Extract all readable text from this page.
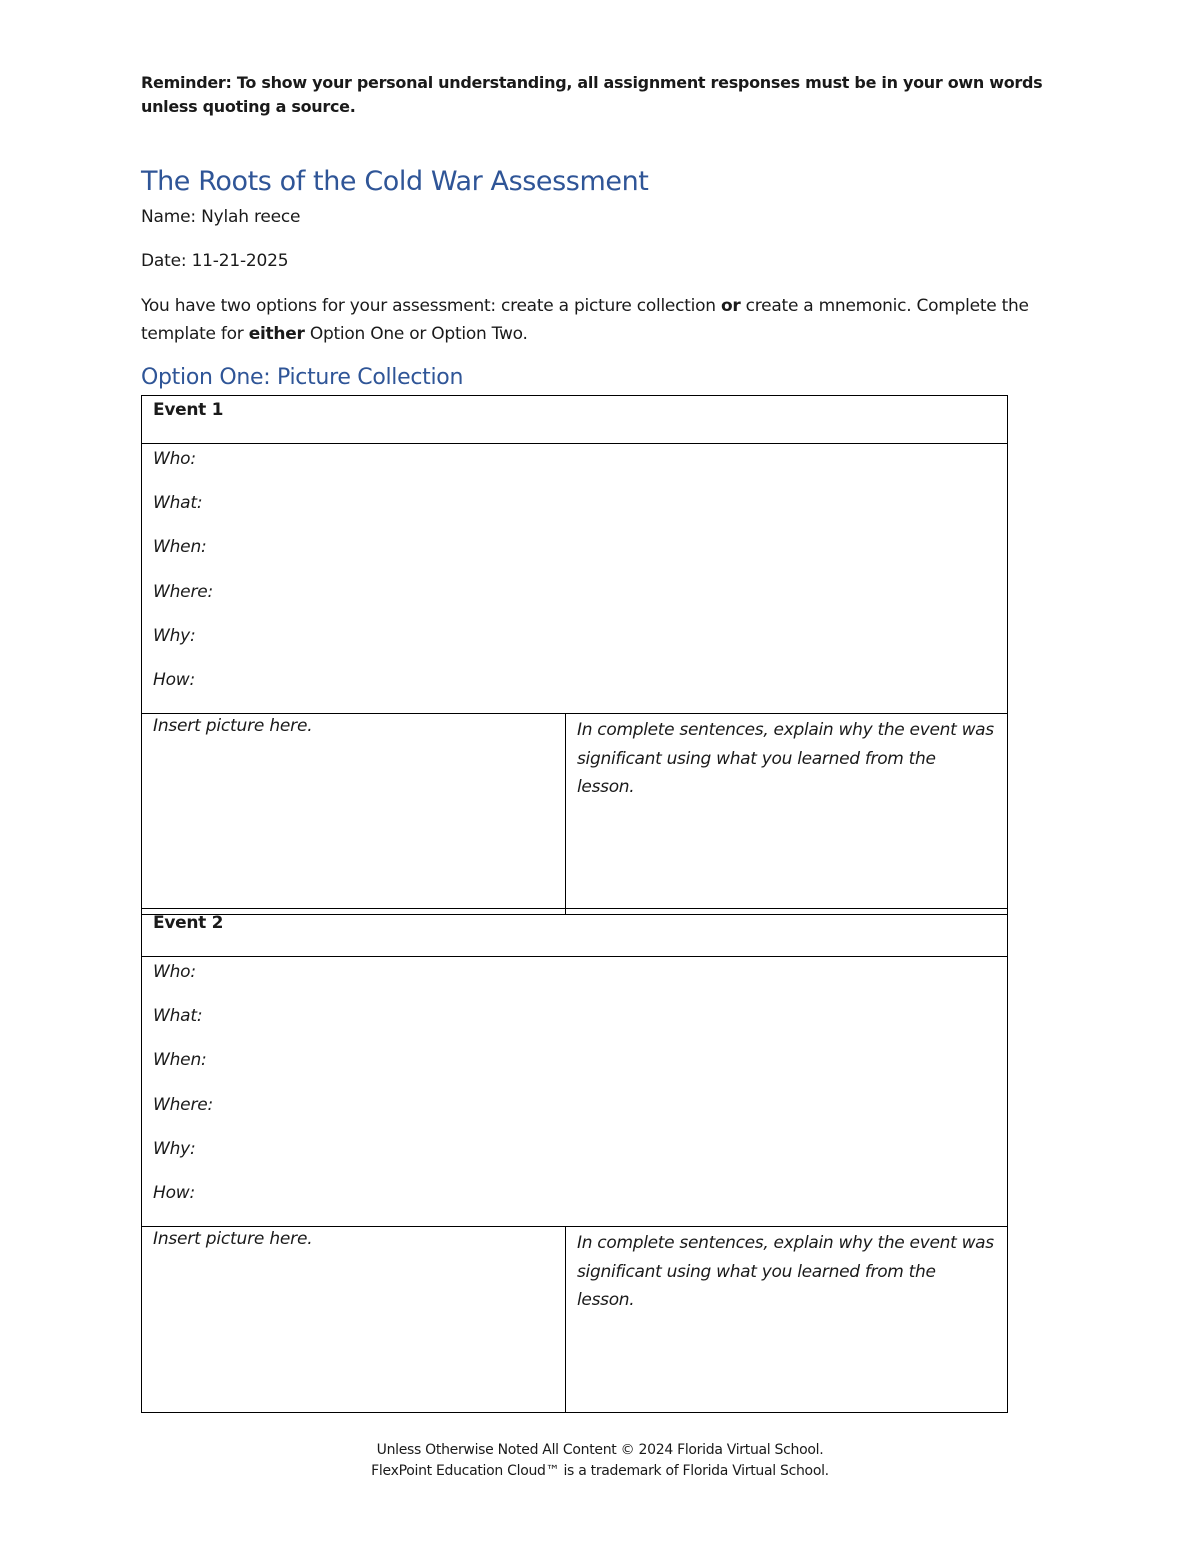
Reminder: To show your personal understanding, all assignment responses must be in your own words unless quoting a source.
The Roots of the Cold War Assessment
Name: Nylah reece
Date: 11-21-2025
You have two options for your assessment: create a picture collection or create a mnemonic. Complete the template for either Option One or Option Two.
Option One: Picture Collection
Event 1

Who:
What:
When:
Where:
Why:
How:

Insert picture here.	In complete sentences, explain why the event was significant using what you learned from the lesson.
Event 2

Who:
What:
When:
Where:
Why:
How:

Insert picture here.	In complete sentences, explain why the event was significant using what you learned from the lesson.
Unless Otherwise Noted All Content © 2024 Florida Virtual School.
FlexPoint Education Cloud™ is a trademark of Florida Virtual School.
